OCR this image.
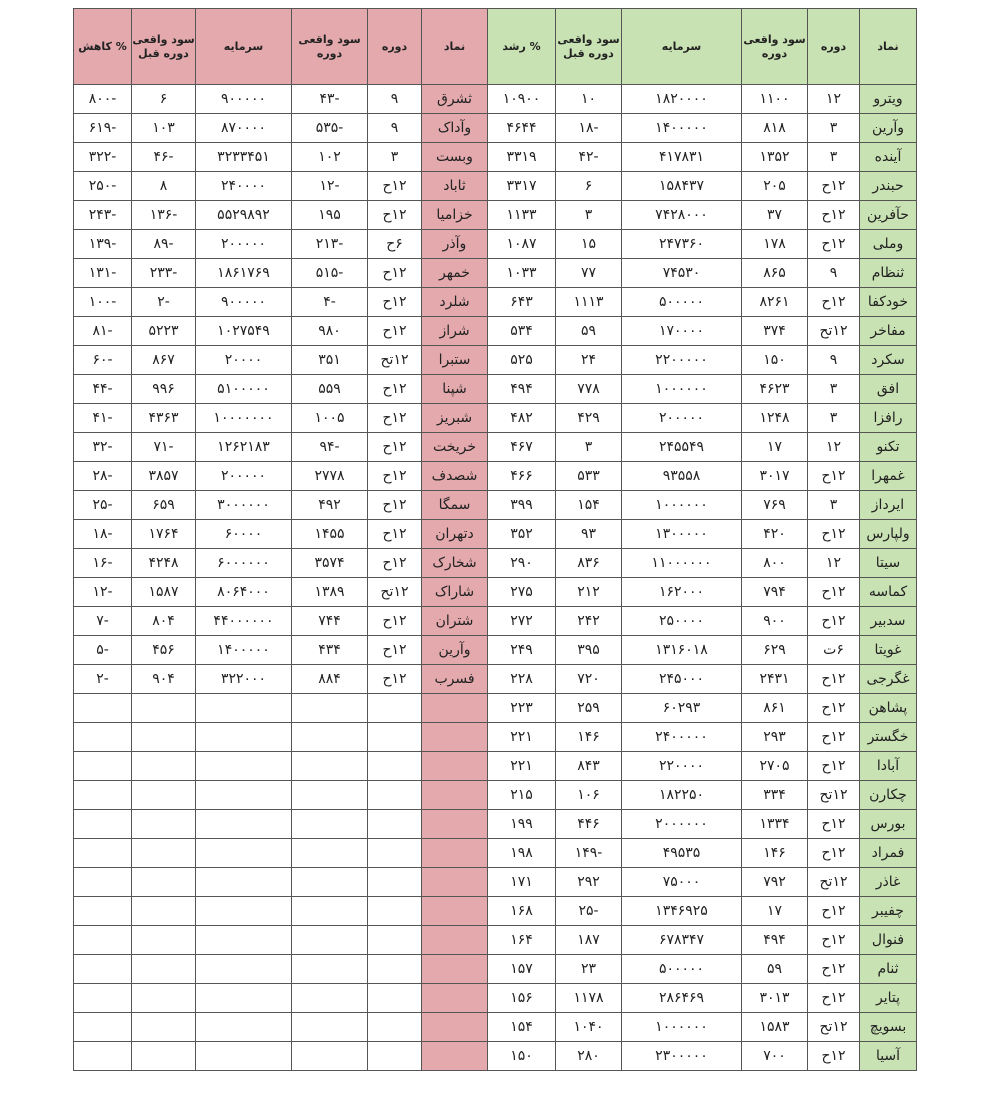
% کاهش	سود واقعی دوره قبل	سرمایه	سود واقعی دوره	دوره	نماد	% رشد	سود واقعی دوره قبل	سرمایه	سود واقعی دوره	دوره	نماد
-۸۰۰	۶	۹۰۰۰۰۰	-۴۳	۹	ثشرق	۱۰۹۰۰	۱۰	۱۸۲۰۰۰۰	۱۱۰۰	۱۲	ویترو
-۶۱۹	۱۰۳	۸۷۰۰۰۰	-۵۳۵	۹	وآداک	۴۶۴۴	-۱۸	۱۴۰۰۰۰۰	۸۱۸	۳	وآرین
-۳۲۲	-۴۶	۳۲۳۳۴۵۱	۱۰۲	۳	وبست	۳۳۱۹	-۴۲	۴۱۷۸۳۱	۱۳۵۲	۳	آینده
-۲۵۰	۸	۲۴۰۰۰۰	-۱۲	۱۲ح	ثاباد	۳۳۱۷	۶	۱۵۸۴۳۷	۲۰۵	۱۲ح	حبندر
-۲۴۳	-۱۳۶	۵۵۲۹۸۹۲	۱۹۵	۱۲ح	خزامیا	۱۱۳۳	۳	۷۴۲۸۰۰۰	۳۷	۱۲ح	حآفرین
-۱۳۹	-۸۹	۲۰۰۰۰۰	-۲۱۳	۶ح	وآذر	۱۰۸۷	۱۵	۲۴۷۳۶۰	۱۷۸	۱۲ح	وملی
-۱۳۱	-۲۳۳	۱۸۶۱۷۶۹	-۵۱۵	۱۲ح	خمهر	۱۰۳۳	۷۷	۷۴۵۳۰	۸۶۵	۹	ثنظام
-۱۰۰	-۲	۹۰۰۰۰۰	-۴	۱۲ح	شلرد	۶۴۳	۱۱۱۳	۵۰۰۰۰۰	۸۲۶۱	۱۲ح	خودکفا
-۸۱	۵۲۲۳	۱۰۲۷۵۴۹	۹۸۰	۱۲ح	شراز	۵۳۴	۵۹	۱۷۰۰۰۰	۳۷۴	۱۲تح	مفاخر
-۶۰	۸۶۷	۲۰۰۰۰	۳۵۱	۱۲تح	ستبرا	۵۲۵	۲۴	۲۲۰۰۰۰۰	۱۵۰	۹	سکرد
-۴۴	۹۹۶	۵۱۰۰۰۰۰	۵۵۹	۱۲ح	شپنا	۴۹۴	۷۷۸	۱۰۰۰۰۰۰	۴۶۲۳	۳	افق
-۴۱	۴۳۶۳	۱۰۰۰۰۰۰۰	۱۰۰۵	۱۲ح	شبریز	۴۸۲	۴۲۹	۲۰۰۰۰۰	۱۲۴۸	۳	رافزا
-۳۲	-۷۱	۱۲۶۲۱۸۳	-۹۴	۱۲ح	خریخت	۴۶۷	۳	۲۴۵۵۴۹	۱۷	۱۲	تکنو
-۲۸	۳۸۵۷	۲۰۰۰۰۰	۲۷۷۸	۱۲ح	شصدف	۴۶۶	۵۳۳	۹۳۵۵۸	۳۰۱۷	۱۲ح	غمهرا
-۲۵	۶۵۹	۳۰۰۰۰۰۰	۴۹۲	۱۲ح	سمگا	۳۹۹	۱۵۴	۱۰۰۰۰۰۰	۷۶۹	۳	ایرداز
-۱۸	۱۷۶۴	۶۰۰۰۰	۱۴۵۵	۱۲ح	دتهران	۳۵۲	۹۳	۱۳۰۰۰۰۰	۴۲۰	۱۲ح	ولپارس
-۱۶	۴۲۴۸	۶۰۰۰۰۰۰	۳۵۷۴	۱۲ح	شخارک	۲۹۰	۸۳۶	۱۱۰۰۰۰۰۰	۸۰۰	۱۲	سیتا
-۱۲	۱۵۸۷	۸۰۶۴۰۰۰	۱۳۸۹	۱۲تح	شاراک	۲۷۵	۲۱۲	۱۶۲۰۰۰	۷۹۴	۱۲ح	کماسه
-۷	۸۰۴	۴۴۰۰۰۰۰۰	۷۴۴	۱۲ح	شتران	۲۷۲	۲۴۲	۲۵۰۰۰۰	۹۰۰	۱۲ح	سدبیر
-۵	۴۵۶	۱۴۰۰۰۰۰	۴۳۴	۱۲ح	وآرین	۲۴۹	۳۹۵	۱۳۱۶۰۱۸	۶۲۹	۶ت	غویتا
-۲	۹۰۴	۳۲۲۰۰۰	۸۸۴	۱۲ح	فسرب	۲۲۸	۷۲۰	۲۴۵۰۰۰	۲۴۳۱	۱۲ح	غگرجی
						۲۲۳	۲۵۹	۶۰۲۹۳	۸۶۱	۱۲ح	پشاهن
						۲۲۱	۱۴۶	۲۴۰۰۰۰۰	۲۹۳	۱۲ح	خگستر
						۲۲۱	۸۴۳	۲۲۰۰۰۰	۲۷۰۵	۱۲ح	آبادا
						۲۱۵	۱۰۶	۱۸۲۲۵۰	۳۳۴	۱۲تح	چکارن
						۱۹۹	۴۴۶	۲۰۰۰۰۰۰	۱۳۳۴	۱۲ح	بورس
						۱۹۸	-۱۴۹	۴۹۵۳۵	۱۴۶	۱۲ح	فمراد
						۱۷۱	۲۹۲	۷۵۰۰۰	۷۹۲	۱۲تح	غاذر
						۱۶۸	-۲۵	۱۳۴۶۹۲۵	۱۷	۱۲ح	چفیبر
						۱۶۴	۱۸۷	۶۷۸۳۴۷	۴۹۴	۱۲ح	فنوال
						۱۵۷	۲۳	۵۰۰۰۰۰	۵۹	۱۲ح	ثنام
						۱۵۶	۱۱۷۸	۲۸۶۴۶۹	۳۰۱۳	۱۲ح	پتایر
						۱۵۴	۱۰۴۰	۱۰۰۰۰۰۰	۱۵۸۳	۱۲تح	بسویچ
						۱۵۰	۲۸۰	۲۳۰۰۰۰۰	۷۰۰	۱۲ح	آسیا
